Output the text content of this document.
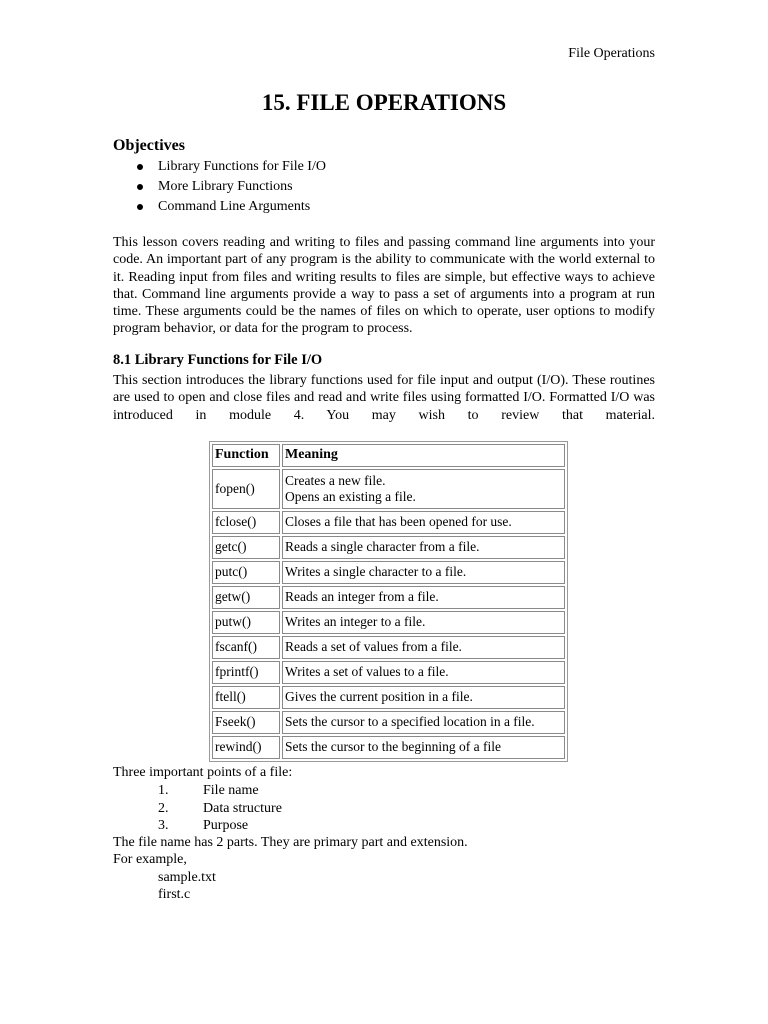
File Operations
15. FILE OPERATIONS
Objectives
Library Functions for File I/O
More Library Functions
Command Line Arguments

This lesson covers reading and writing to files and passing command line arguments into your code. An important part of any program is the ability to communicate with the world external to it. Reading input from files and writing results to files are simple, but effective ways to achieve that. Command line arguments provide a way to pass a set of arguments into a program at run time. These arguments could be the names of files on which to operate, user options to modify program behavior, or data for the program to process.

8.1 Library Functions for File I/O

This section introduces the library functions used for file input and output (I/O). These routines are used to open and close files and read and write files using formatted I/O. Formatted I/O was introduced in module 4. You may wish to review that material.

Function	Meaning
fopen()	Creates a new file.
Opens an existing a file.

fclose()	Closes a file that has been opened for use.
getc()	Reads a single character from a file.
putc()	Writes a single character to a file.
getw()	Reads an integer from a file.
putw()	Writes an integer to a file.
fscanf()	Reads a set of values from a file.
fprintf()	Writes a set of values to a file.
ftell()	Gives the current position in a file.
Fseek()	Sets the cursor to a specified location in a file.
rewind()	Sets the cursor to the beginning of a file

Three important points of a file:

1. File name
2. Data structure
3. Purpose

The file name has 2 parts. They are primary part and extension.

For example,

sample.txt
first.c
